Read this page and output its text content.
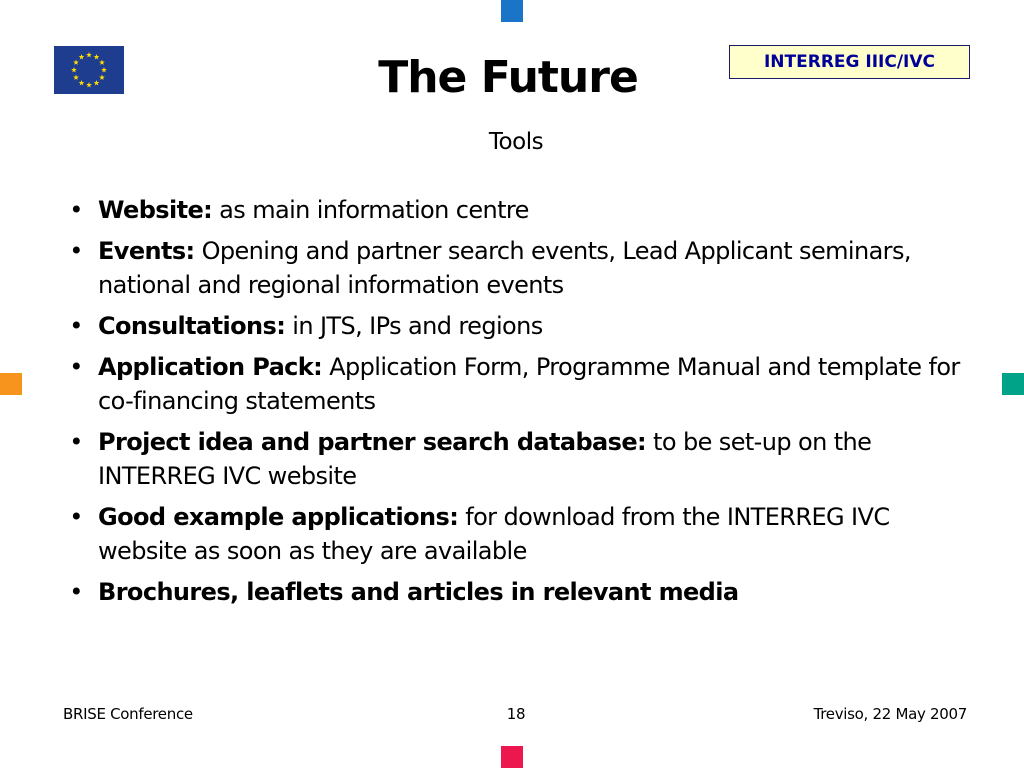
INTERREG IIIC/IVC
The Future
Tools
• Website: as main information centre
• Events: Opening and partner search events, Lead Applicant seminars, national and regional information events
• Consultations: in JTS, IPs and regions
• Application Pack: Application Form, Programme Manual and template for co-financing statements
• Project idea and partner search database: to be set-up on the INTERREG IVC website
• Good example applications: for download from the INTERREG IVC website as soon as they are available
• Brochures, leaflets and articles in relevant media
BRISE Conference	18	Treviso, 22 May 2007
